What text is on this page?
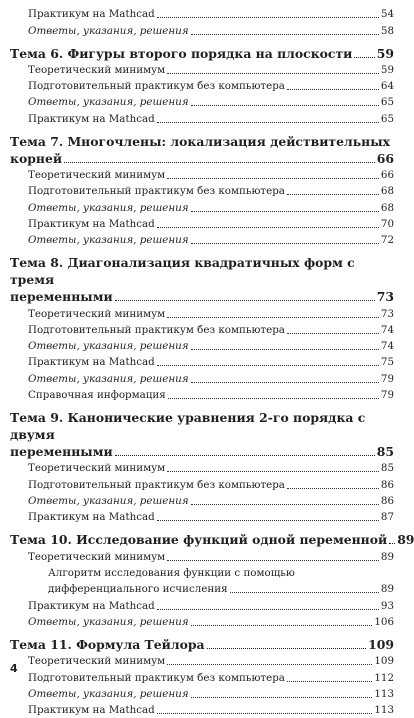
Практикум на Mathcad	54
Ответы, указания, решения	58
Тема 6. Фигуры второго порядка на плоскости 59
Теоретический минимум	59
Подготовительный практикум без компьютера	64
Ответы, указания, решения	65
Практикум на Mathcad	65
Тема 7. Многочлены: локализация действительных
корней	66
Теоретический минимум	66
Подготовительный практикум без компьютера	68
Ответы, указания, решения	68
Практикум на Mathcad	70
Ответы, указания, решения	72
Тема 8. Диагонализация квадратичных форм с тремя
переменными	73
Теоретический минимум	73
Подготовительный практикум без компьютера	74
Ответы, указания, решения	74
Практикум на Mathcad	75
Ответы, указания, решения	79
Справочная информация	79
Тема 9. Канонические уравнения 2-го порядка с двумя
переменными	85
Теоретический минимум	85
Подготовительный практикум без компьютера	86
Ответы, указания, решения	86
Практикум на Mathcad	87
Тема 10. Исследование функций одной переменной 89
Теоретический минимум	89
Алгоритм исследования функции с помощью
дифференциального исчисления	89
Практикум на Mathcad	93
Ответы, указания, решения	106
Тема 11. Формула Тейлора	109
Теоретический минимум	109
Подготовительный практикум без компьютера	112
Ответы, указания, решения	113
Практикум на Mathcad	113
4
